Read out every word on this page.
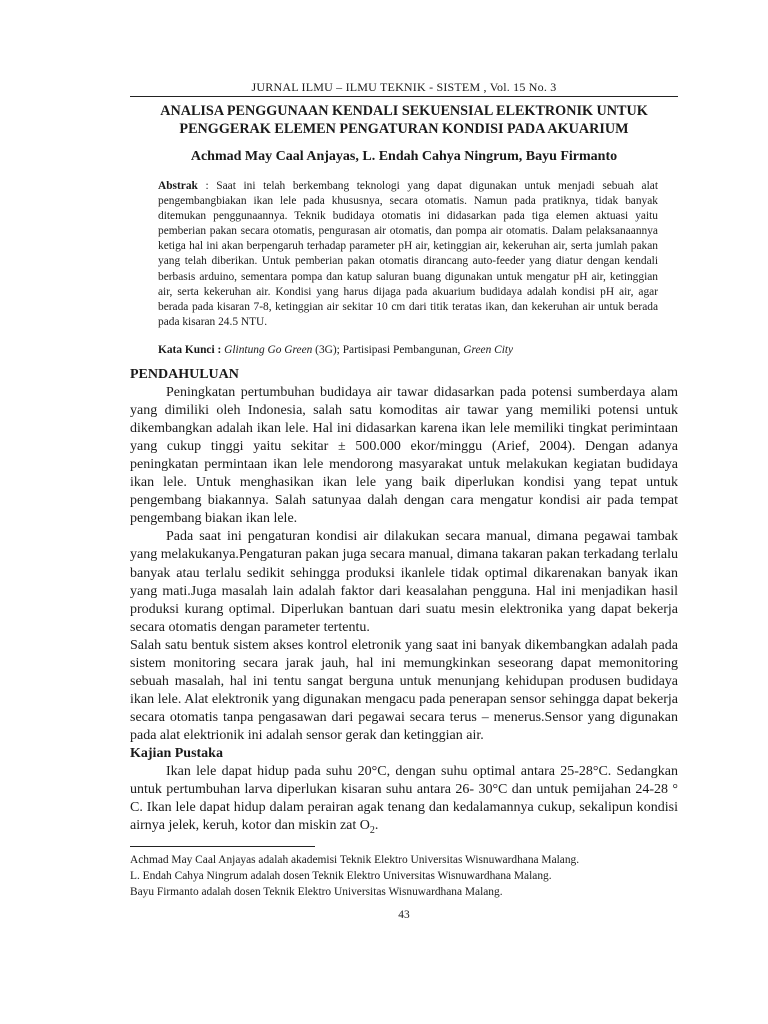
JURNAL ILMU – ILMU TEKNIK - SISTEM , Vol. 15 No. 3
ANALISA PENGGUNAAN KENDALI SEKUENSIAL ELEKTRONIK UNTUK
PENGGERAK ELEMEN PENGATURAN KONDISI PADA AKUARIUM
Achmad May Caal Anjayas, L. Endah Cahya Ningrum, Bayu Firmanto
Abstrak : Saat ini telah berkembang teknologi yang dapat digunakan untuk menjadi sebuah alat pengembangbiakan ikan lele pada khususnya, secara otomatis. Namun pada pratiknya, tidak banyak ditemukan penggunaannya. Teknik budidaya otomatis ini didasarkan pada tiga elemen aktuasi yaitu pemberian pakan secara otomatis, pengurasan air otomatis, dan pompa air otomatis. Dalam pelaksanaannya ketiga hal ini akan berpengaruh terhadap parameter pH air, ketinggian air, kekeruhan air, serta jumlah pakan yang telah diberikan. Untuk pemberian pakan otomatis dirancang auto-feeder yang diatur dengan kendali berbasis arduino, sementara pompa dan katup saluran buang digunakan untuk mengatur pH air, ketinggian air, serta kekeruhan air. Kondisi yang harus dijaga pada akuarium budidaya adalah kondisi pH air, agar berada pada kisaran 7-8, ketinggian air sekitar 10 cm dari titik teratas ikan, dan kekeruhan air untuk berada pada kisaran 24.5 NTU.
Kata Kunci : Glintung Go Green (3G); Partisipasi Pembangunan, Green City
PENDAHULUAN

Peningkatan pertumbuhan budidaya air tawar didasarkan pada potensi sumberdaya alam yang dimiliki oleh Indonesia, salah satu komoditas air tawar yang memiliki potensi untuk dikembangkan adalah ikan lele. Hal ini didasarkan karena ikan lele memiliki tingkat perimintaan yang cukup tinggi yaitu sekitar ± 500.000 ekor/minggu (Arief, 2004). Dengan adanya peningkatan permintaan ikan lele mendorong masyarakat untuk melakukan kegiatan budidaya ikan lele. Untuk menghasikan ikan lele yang baik diperlukan kondisi yang tepat untuk pengembang biakannya. Salah satunyaa dalah dengan cara mengatur kondisi air pada tempat pengembang biakan ikan lele.

Pada saat ini pengaturan kondisi air dilakukan secara manual, dimana pegawai tambak yang melakukanya.Pengaturan pakan juga secara manual, dimana takaran pakan terkadang terlalu banyak atau terlalu sedikit sehingga produksi ikanlele tidak optimal dikarenakan banyak ikan yang mati.Juga masalah lain adalah faktor dari keasalahan pengguna. Hal ini menjadikan hasil produksi kurang optimal. Diperlukan bantuan dari suatu mesin elektronika yang dapat bekerja secara otomatis dengan parameter tertentu.

Salah satu bentuk sistem akses kontrol eletronik yang saat ini banyak dikembangkan adalah pada sistem monitoring secara jarak jauh, hal ini memungkinkan seseorang dapat memonitoring sebuah masalah, hal ini tentu sangat berguna untuk menunjang kehidupan produsen budidaya ikan lele. Alat elektronik yang digunakan mengacu pada penerapan sensor sehingga dapat bekerja secara otomatis tanpa pengasawan dari pegawai secara terus – menerus.Sensor yang digunakan pada alat elektrionik ini adalah sensor gerak dan ketinggian air.

Kajian Pustaka

Ikan lele dapat hidup pada suhu 20°C, dengan suhu optimal antara 25-28°C. Sedangkan untuk pertumbuhan larva diperlukan kisaran suhu antara 26- 30°C dan untuk pemijahan 24-28 ° C. Ikan lele dapat hidup dalam perairan agak tenang dan kedalamannya cukup, sekalipun kondisi airnya jelek, keruh, kotor dan miskin zat $O_2$.

Achmad May Caal Anjayas adalah akademisi Teknik Elektro Universitas Wisnuwardhana Malang.

L. Endah Cahya Ningrum adalah dosen Teknik Elektro Universitas Wisnuwardhana Malang.

Bayu Firmanto adalah dosen Teknik Elektro Universitas Wisnuwardhana Malang.

43
